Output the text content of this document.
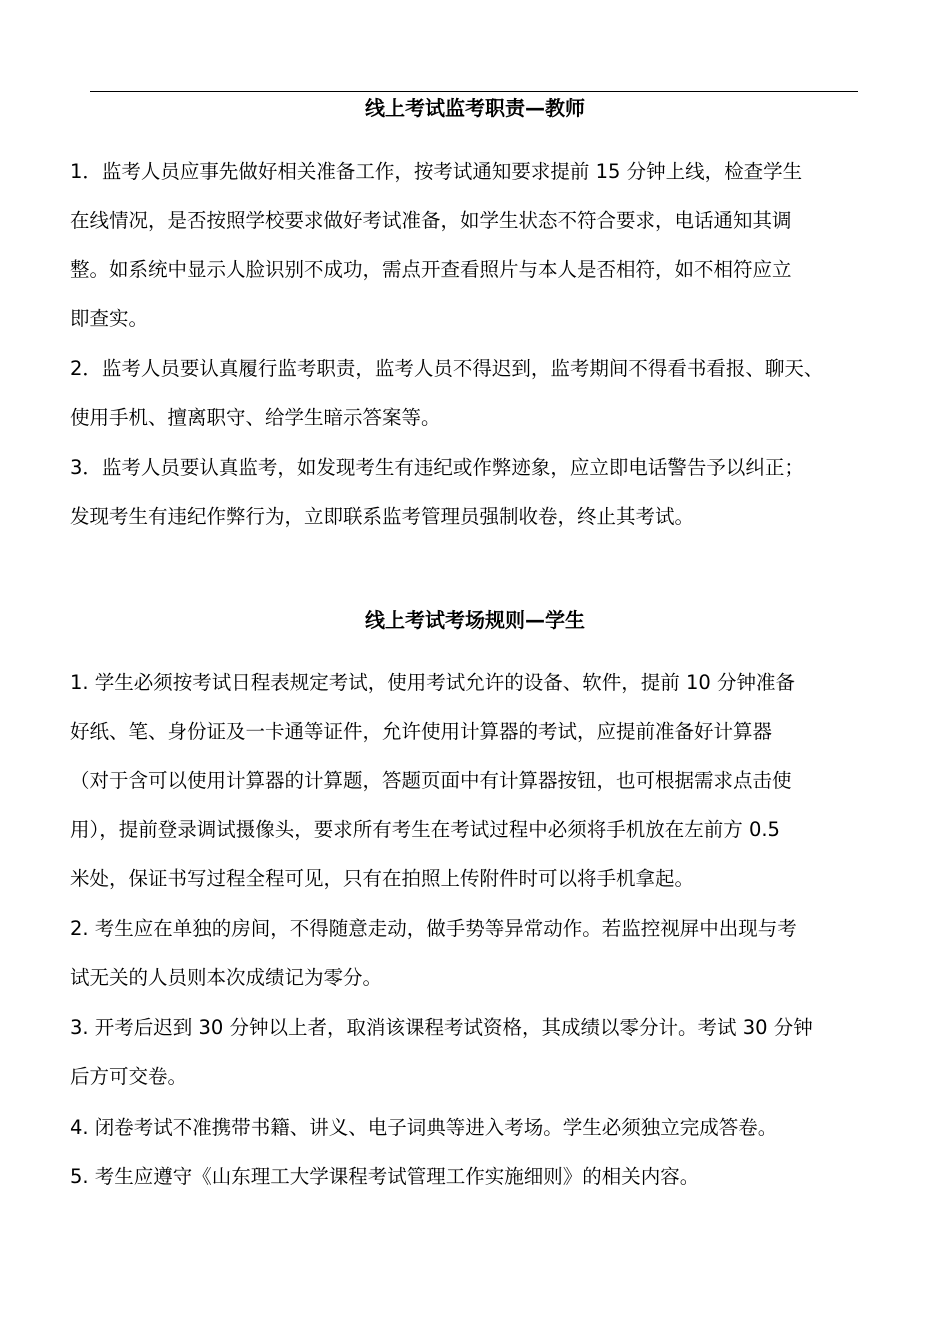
线上考试监考职责—教师
1．监考人员应事先做好相关准备工作，按考试通知要求提前 15 分钟上线，检查学生
在线情况，是否按照学校要求做好考试准备，如学生状态不符合要求，电话通知其调
整。如系统中显示人脸识别不成功，需点开查看照片与本人是否相符，如不相符应立
即查实。
2．监考人员要认真履行监考职责，监考人员不得迟到，监考期间不得看书看报、聊天、
使用手机、擅离职守、给学生暗示答案等。
3．监考人员要认真监考，如发现考生有违纪或作弊迹象，应立即电话警告予以纠正；
发现考生有违纪作弊行为，立即联系监考管理员强制收卷，终止其考试。
线上考试考场规则—学生
1. 学生必须按考试日程表规定考试，使用考试允许的设备、软件，提前 10 分钟准备
好纸、笔、身份证及一卡通等证件，允许使用计算器的考试，应提前准备好计算器
（对于含可以使用计算器的计算题，答题页面中有计算器按钮，也可根据需求点击使
用），提前登录调试摄像头，要求所有考生在考试过程中必须将手机放在左前方 0.5
米处，保证书写过程全程可见，只有在拍照上传附件时可以将手机拿起。
2. 考生应在单独的房间，不得随意走动，做手势等异常动作。若监控视屏中出现与考
试无关的人员则本次成绩记为零分。
3. 开考后迟到 30 分钟以上者，取消该课程考试资格，其成绩以零分计。考试 30 分钟
后方可交卷。
4. 闭卷考试不准携带书籍、讲义、电子词典等进入考场。学生必须独立完成答卷。
5. 考生应遵守《山东理工大学课程考试管理工作实施细则》的相关内容。
